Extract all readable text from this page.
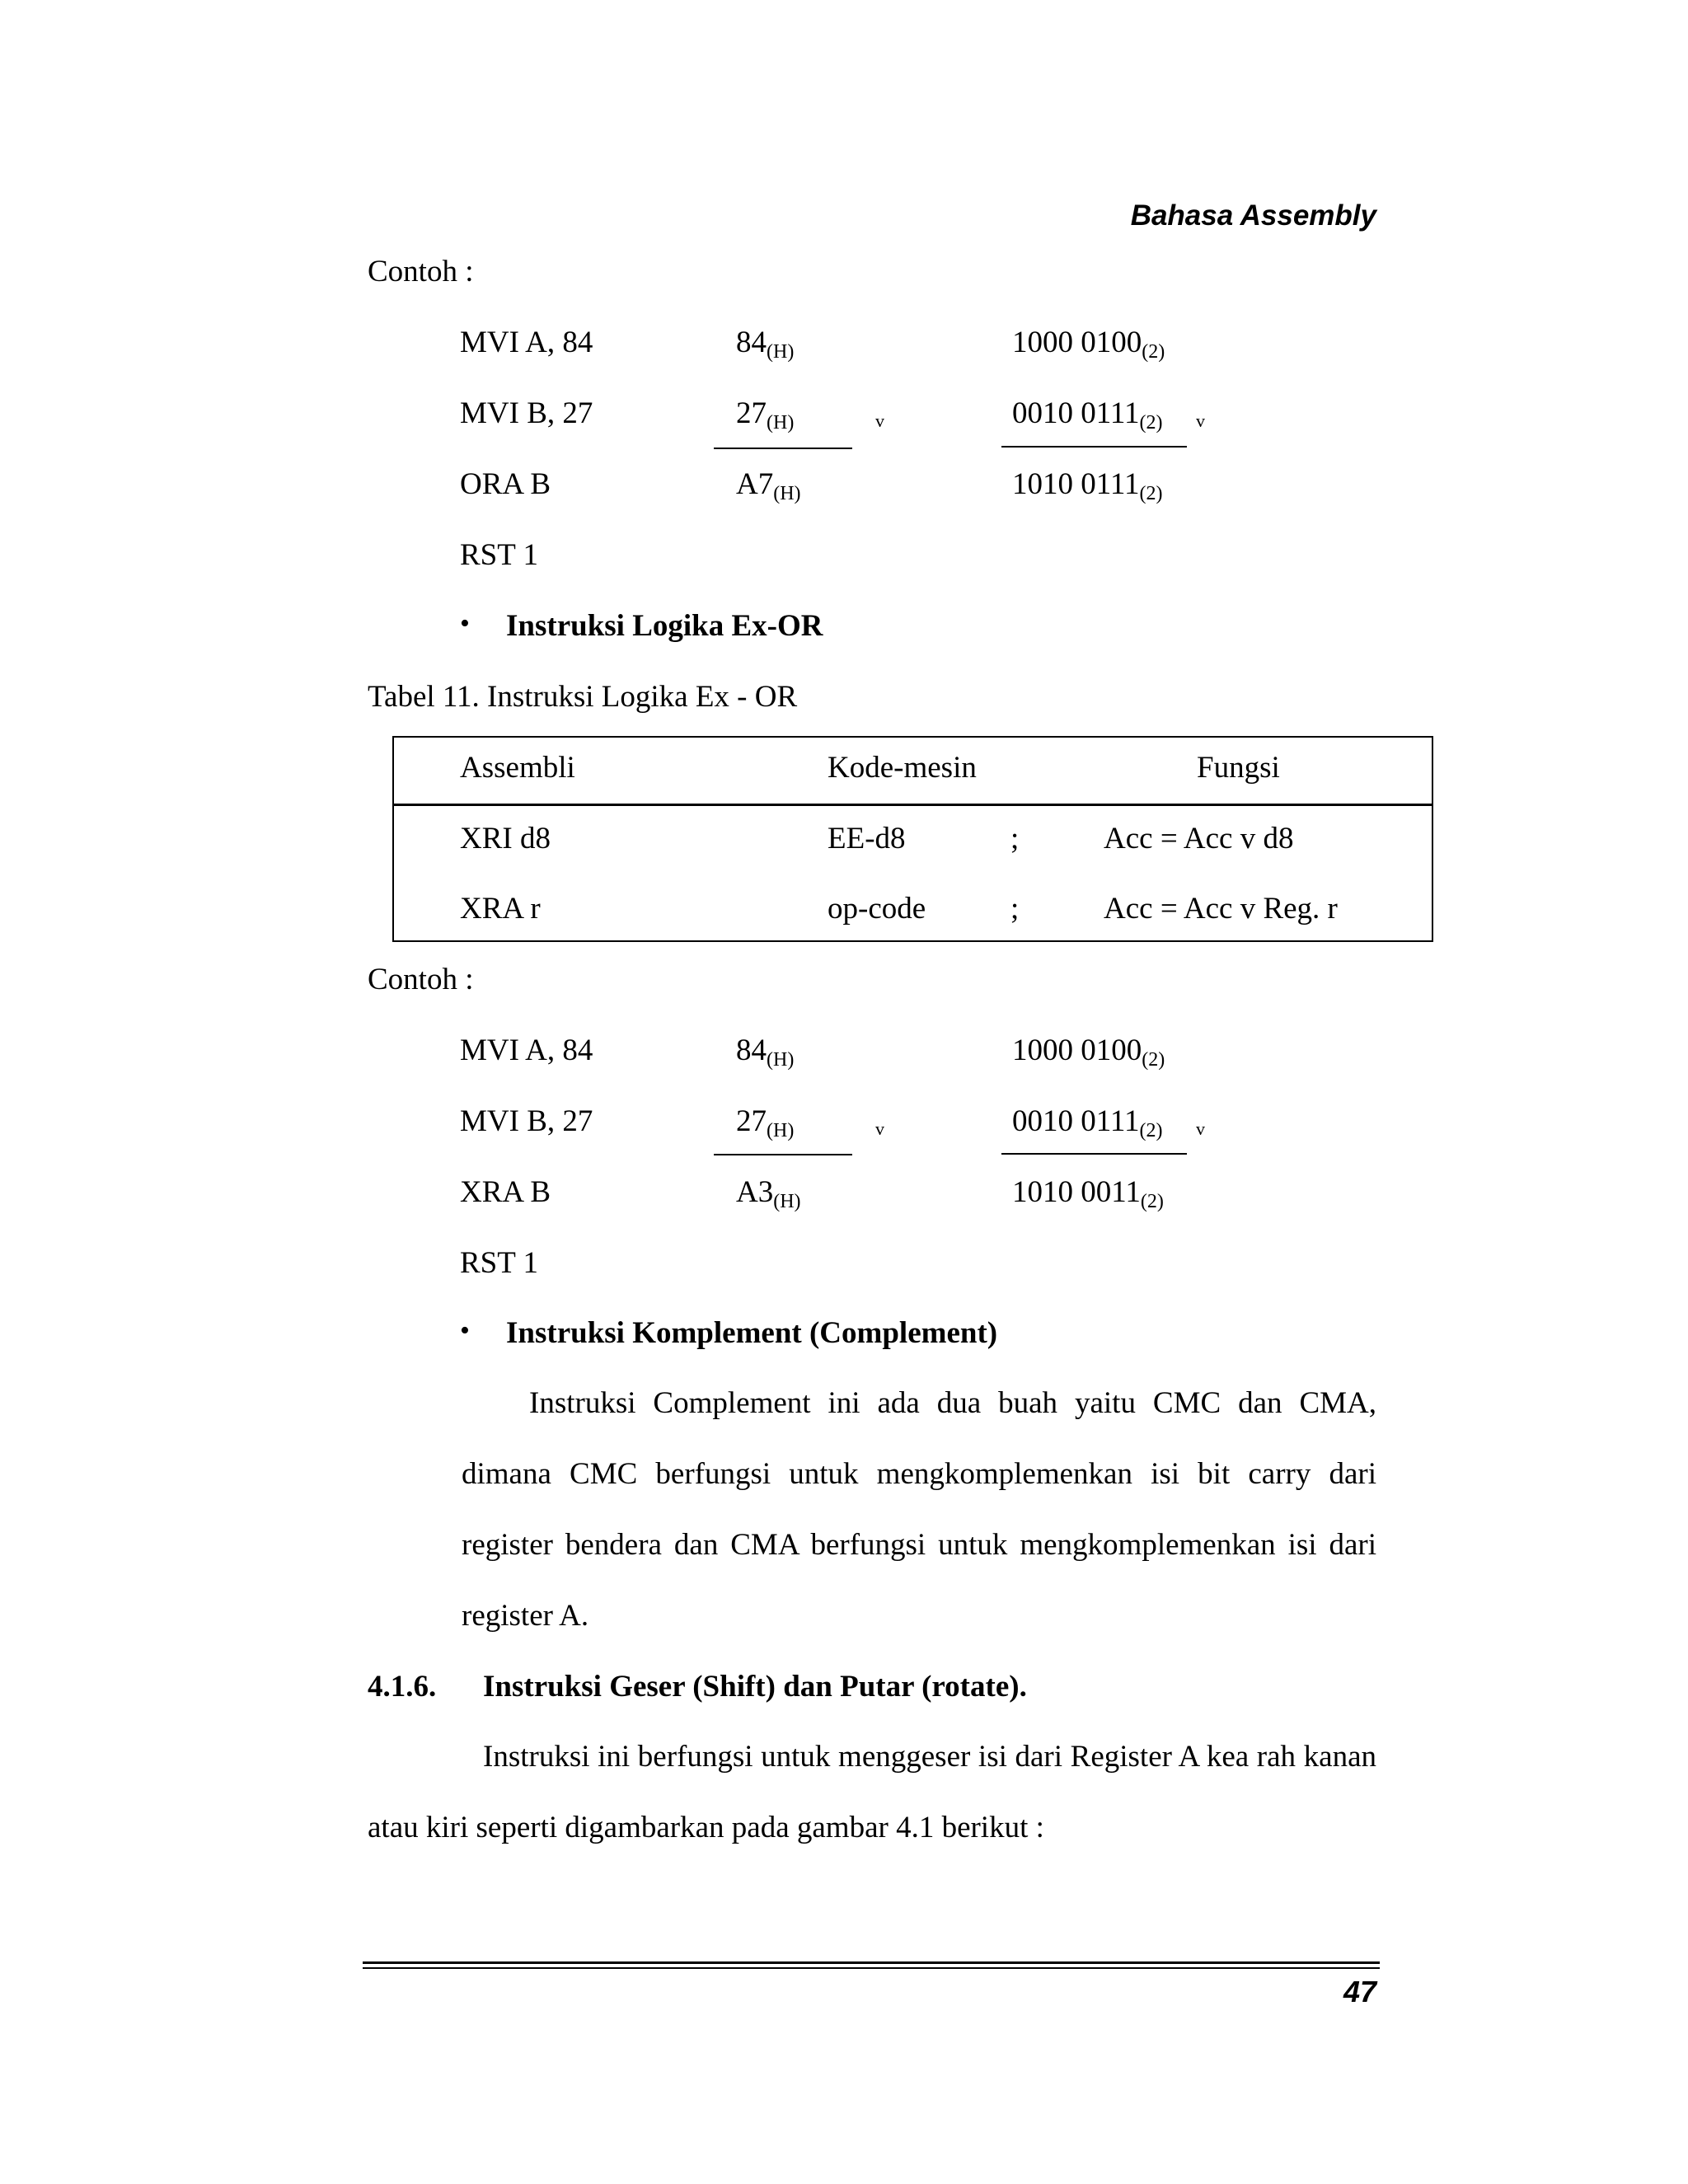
Bahasa Assembly
Contoh :
MVI A, 84	84(H)	1000 0100(2)
MVI B, 27	27(H)	v	0010 0111(2) v
ORA B	A7(H)	1010 0111(2)
RST 1
• Instruksi Logika Ex-OR
Tabel 11. Instruksi Logika Ex - OR
Assembli	Kode-mesin	Fungsi
XRI d8	EE-d8	;	Acc = Acc v d8
XRA r	op-code	;	Acc = Acc v Reg. r
Contoh :
MVI A, 84	84(H)	1000 0100(2)
MVI B, 27	27(H)	v	0010 0111(2) v
XRA B	A3(H)	1010 0011(2)
RST 1
• Instruksi Komplement (Complement)
Instruksi Complement ini ada dua buah yaitu CMC dan CMA, dimana CMC berfungsi untuk mengkomplemenkan isi bit carry dari register bendera dan CMA berfungsi untuk mengkomplemenkan isi dari register A.
4.1.6. Instruksi Geser (Shift) dan Putar (rotate).
Instruksi ini berfungsi untuk menggeser isi dari Register A kea rah kanan atau kiri seperti digambarkan pada gambar 4.1 berikut :
47
